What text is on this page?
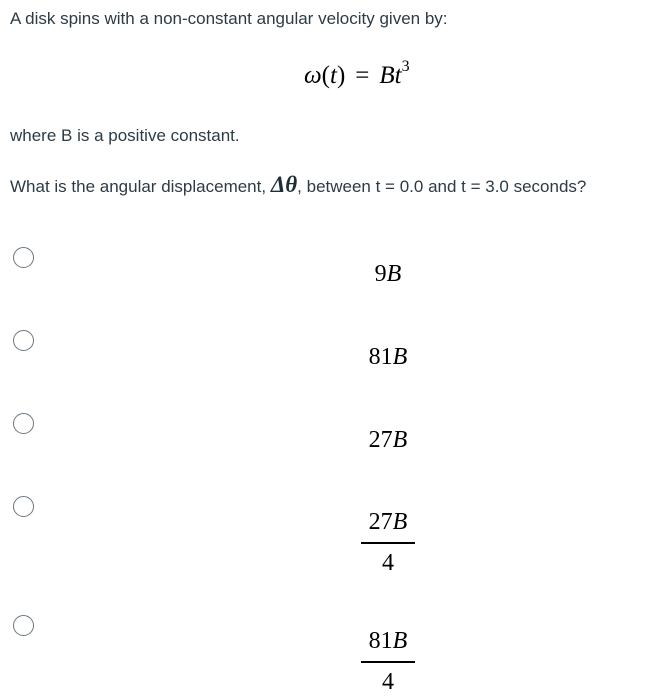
A disk spins with a non-constant angular velocity given by:
$\omega(t) = Bt^3$
where B is a positive constant.
What is the angular displacement, Δθ, between t = 0.0 and t = 3.0 seconds?
9B
81B
27B
27B
4
81B
4
